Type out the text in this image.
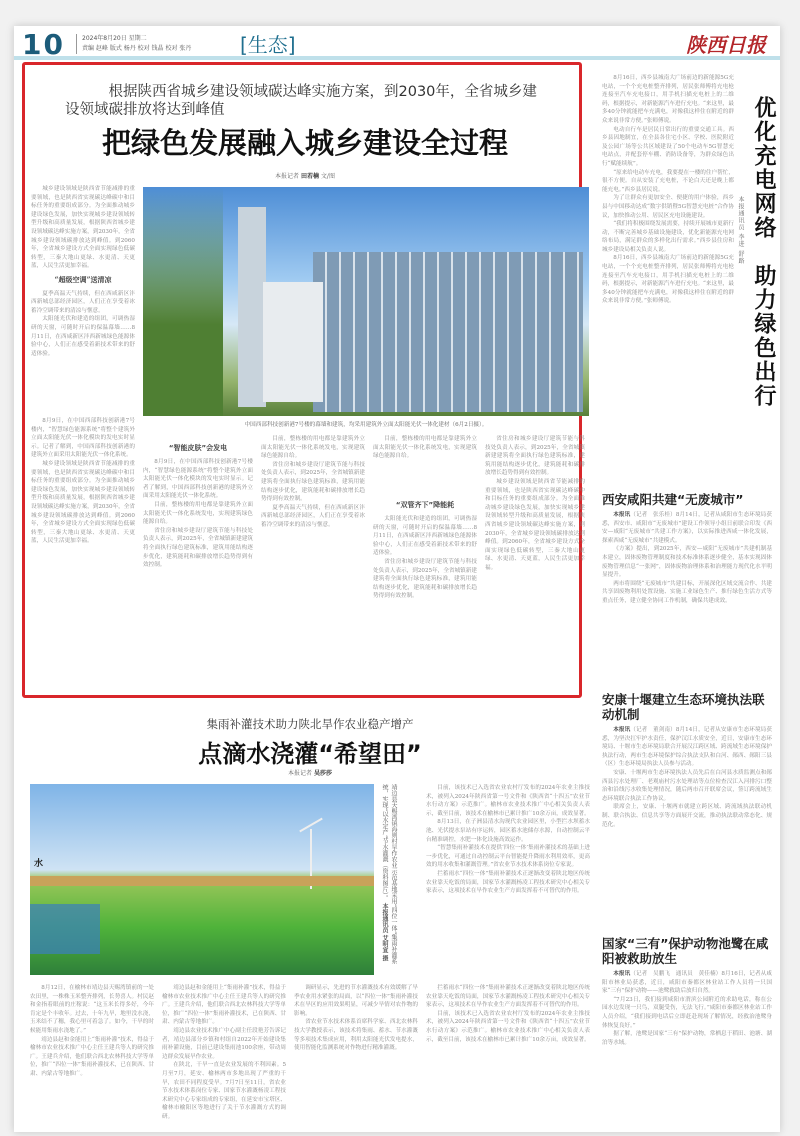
10	2024年8月20日 星期二
责编 赵峰 版式 杨丹 校对 钱晶 校对 张丹 [生态]	陕西日报
根据陕西省城乡建设领域碳达峰实施方案，到2030年，全省城乡建设领域碳排放将达到峰值
把绿色发展融入城乡建设全过程
本报记者 田若楠 文/图

城乡建设领域是陕西省节能减排的重要领域，也是陕西省实现碳达峰碳中和目标任务的重要组成部分。为全面推动城乡建设绿色发展，加快实现城乡建设领域转型升级和高质量发展，根据陕西省城乡建设领域碳达峰实施方案，到2030年，全省城乡建设领域碳排放达到峰值。到2060年，全省城乡建设方式全面实现绿色低碳转型，三秦大地山更绿、水更清、天更蓝，人民生活更加幸福。

“超级空调”送清凉

夏季高温天气持续，但在西咸新区沣西新城总部经济园区，人们正在享受着冰蓄冷空调带来的清凉与惬意。

太阳能光伏和建造的组团，可调热湿研的天窗，可随时开启的保温幕墙……8月11日，在西咸新区沣西新城绿色能源体验中心，人们正在感受着新技术带来的舒适体验。

中国西部科技创新港7号楼的幕墙和建筑，均采用建筑外立面太阳能光伏一体化建材（6月2日摄）。

8月9日，在中国西部科技创新港7号楼内，“智慧绿色能源系统”将整个建筑外立面太阳能光伏一体化模块的发电实时显示。记者了解到，中国西部科技创新港的建筑外立面采用太阳能光伏一体化系统。

城乡建设领域是陕西省节能减排的重要领域，也是陕西省实现碳达峰碳中和目标任务的重要组成部分。为全面推动城乡建设绿色发展，加快实现城乡建设领域转型升级和高质量发展，根据陕西省城乡建设领域碳达峰实施方案，到2030年，全省城乡建设领域碳排放达到峰值。到2060年，全省城乡建设方式全面实现绿色低碳转型，三秦大地山更绿、水更清、天更蓝，人民生活更加幸福。

“智能皮肤”会发电

8月9日，在中国西部科技创新港7号楼内，“智慧绿色能源系统”将整个建筑外立面太阳能光伏一体化模块的发电实时显示。记者了解到，中国西部科技创新港的建筑外立面采用太阳能光伏一体化系统。

目前，整栋楼的用电都是靠建筑外立面太阳能光伏一体化系统发电，实现建筑绿色能源自给。

省住房和城乡建设厅建筑节能与科技处负责人表示，到2025年，全省城镇新建建筑将全面执行绿色建筑标准，建筑用能结构逐步优化，建筑能耗和碳排放增长趋势得到有效控制。

目前，整栋楼的用电都是靠建筑外立面太阳能光伏一体化系统发电，实现建筑绿色能源自给。

省住房和城乡建设厅建筑节能与科技处负责人表示，到2025年，全省城镇新建建筑将全面执行绿色建筑标准，建筑用能结构逐步优化，建筑能耗和碳排放增长趋势得到有效控制。

夏季高温天气持续，但在西咸新区沣西新城总部经济园区，人们正在享受着冰蓄冷空调带来的清凉与惬意。

目前，整栋楼的用电都是靠建筑外立面太阳能光伏一体化系统发电，实现建筑绿色能源自给。

“双管齐下”降能耗

太阳能光伏和建造的组团，可调热湿研的天窗，可随时开启的保温幕墙……8月11日，在西咸新区沣西新城绿色能源体验中心，人们正在感受着新技术带来的舒适体验。

省住房和城乡建设厅建筑节能与科技处负责人表示，到2025年，全省城镇新建建筑将全面执行绿色建筑标准，建筑用能结构逐步优化，建筑能耗和碳排放增长趋势得到有效控制。

省住房和城乡建设厅建筑节能与科技处负责人表示，到2025年，全省城镇新建建筑将全面执行绿色建筑标准，建筑用能结构逐步优化，建筑能耗和碳排放增长趋势得到有效控制。

城乡建设领域是陕西省节能减排的重要领域，也是陕西省实现碳达峰碳中和目标任务的重要组成部分。为全面推动城乡建设绿色发展，加快实现城乡建设领域转型升级和高质量发展，根据陕西省城乡建设领域碳达峰实施方案，到2030年，全省城乡建设领域碳排放达到峰值。到2060年，全省城乡建设方式全面实现绿色低碳转型，三秦大地山更绿、水更清、天更蓝，人民生活更加幸福。

8月16日，西乡县城南大广场前边的新能源5G充电站，一个个充电桩整齐排列，居民张师傅将充电枪连接至汽车充电接口，用手机扫描充电桩上的二维码，根据提示，对新能源汽车进行充电。“来这里，最多40分钟就能把车充满电，对像我这样住在附近的群众来说非常方便。”张师傅说。

电动自行车是居民日常出行的重要交通工具。西乡县因地制宜，在全县各住宅小区、学校、医院附近及公园广场等公共区域建设了50个电动车5G智慧充电站点，并配套停车棚、消防设备等，为群众绿色出行“赋能续航”。

“原来给电动车充电，我要提在一楼的住户帮忙，很不方便。自从安装了充电桩，不论白天还是晚上都能充电。”西乡县居民说。

为了让群众有更加安全、便捷的用户体验，西乡县与中国移动达成“数字供销暨5G智慧充电桩”合作协议，加快推动公用、居民区充电设施建设。

“我们将积极围绕发展需要，持续开展城市更新行动，不断完善城乡基础设施建设，优化新能源充电网络布局，满足群众的多样化出行需求。”西乡县住房和城乡建设局相关负责人说。

8月16日，西乡县城南大广场前边的新能源5G充电站，一个个充电桩整齐排列，居民张师傅将充电枪连接至汽车充电接口，用手机扫描充电桩上的二维码，根据提示，对新能源汽车进行充电。“来这里，最多40分钟就能把车充满电，对像我这样住在附近的群众来说非常方便。”张师傅说。	优化充电网络　助力绿色出行
本报通讯员 李进 舒路
西安咸阳共建“无废城市”

本报讯（记者　张乐桂）8月14日，记者从咸阳市生态环境局获悉，西安市、咸阳市“无废城市”建设工作领导小组日前联合印发《西安—咸阳“无废城市”共建工作方案》，以实际推进西咸一体化发展，探索西咸“无废城市”共建模式。

《方案》提出，到2025年，西安—咸阳“无废城市”共建机制基本建立，固体废物管理制度和技术标准体系逐步健全，基本实现固体废物管理信息“一张网”，固体废物治理体系和治理能力现代化水平明显提升。

两市将围绕“无废城市”共建目标，开展深化区域交流合作、共建共享固废物利用处置设施、实施工业绿色生产、推行绿色生活方式等重点任务，建立健全协同工作机制，确保共建成效。

安康十堰建立生态环境执法联动机制

本报讯（记者　董剑南）8月14日，记者从安康市生态环境局获悉，为坚决扛牢护水责任，保护汉江水质安全，近日，安康市生态环境局、十堰市生态环境局联合开展汉江跨区域、跨流域生态环境保护执法行动，两市生态环境保护综合执法支队和白河、郧西、郧阳三县（区）生态环境局执法人员参与活动。

安康、十堰两市生态环境执法人员先后在白河县水质监测点和郧西县污水处理厂、老观庙村污水处理站等点位检查汉江入河排污口整治和沿线污水收集处理情况，随后两市召开联席会议，签订跨流域生态环境联合执法工作协议。

联席会上，安康、十堰两市就建立跨区域、跨流域执法联动机制、联合执法、信息共享等方面展开交流，推动执法联动常态化、规范化。

国家“三有”保护动物池鹭在咸阳被救助放生

本报讯（记者　吴鹏飞　通讯员　黄佳楠）8月16日，记者从咸阳市林业局获悉，近日，咸阳市秦都区林业站工作人员将一只国家“三有”保护动物——池鹭救助后放归自然。

“7月23日，我们接到咸阳市渭滨公园附近的求助电话，称在公园水边发现一只鸟，双腿受伤，无法飞行。”咸阳市秦都区林业站工作人员介绍，“我们接到电话后立即赶赴现场了解情况，经救治池鹭身体恢复良好。”

据了解，池鹭是国家“三有”保护动物，常栖息于稻田、池塘、湖泊等水域。

集雨补灌技术助力陕北旱作农业稳产增产
点滴水浇灌“希望田”
本报记者 吴莎莎
水	靖边县天赐湾镇海则村旱作农业示范基地采用“四位一体”集雨补灌系统，实现“以水定产”节水灌溉（资料图片）。 本报通讯员 艾明宣 摄

目前，该技术已入选省农业农村厅发布的2024年农业主推技术，被列入2024年陕西省第一号文件和《陕西省“十四五”农业节水行动方案》示范推广。榆林市农业技术推广中心相关负责人表示，截至目前，该技术在榆林市已累计推广10余万亩，成效显著。

8月13日，在子洲县清水沟现代农业园区里，小型拦水坝蓄水池、光伏提水泵站有序运转，园区蓄水池储存水源，自动控制云平台精准调控，水肥一体化设施高效运作。

“智慧集雨补灌技术在提供‘四位一体’集雨补灌技术的基础上进一步优化，可通过自动控制云平台智能提升降雨水利用效率，更高效的用水收集和灌溉管理。”省农业节水技术体系岗位专家说。

拦蓄雨水“四位一体”集雨补灌技术正逐渐改变着陕北地区传统农业靠天吃饭的局面，国家节水灌溉杨凌工程技术研究中心相关专家表示，这项技术在旱作农业生产方面发挥着不可替代的作用。

8月12日，在榆林市靖边县天赐湾镇前的一处农田里，一株株玉米整齐排列，长势喜人。村民赵和金指着眼前的庄稼说：“这玉米长得多好，今年肯定是个丰收年。过去，十年九旱，地里没水浇，玉米结不了穗，我心里可着急了。如今，干旱的时候能用集雨水浇地了。”

靖边县赵和金能用上“集雨补灌”技术，得益于榆林市农业技术推广中心主任王建兵等人的研究推广。王建兵介绍，他们联合西北农林科技大学等单位，推广“四位一体”集雨补灌技术，已在陕西、甘肃、内蒙古等地推广。

靖边县赵和金能用上“集雨补灌”技术，得益于榆林市农业技术推广中心主任王建兵等人的研究推广。王建兵介绍，他们联合西北农林科技大学等单位，推广“四位一体”集雨补灌技术，已在陕西、甘肃、内蒙古等地推广。

靖边县农业技术推广中心副主任段艳芳告诉记者，靖边县部分乡镇和村组自2022年开始建设集雨补灌设施，目前已建设集雨池100余座，带动周边群众发展旱作农业。

在陕北，干旱一直是农业发展的不利因素。5月至7月，延安、榆林两市多地出现了严重的干旱，农田不同程度受旱。7月7日至11日，省农业节水技术体系岗位专家、国家节水灌溉杨凌工程技术研究中心专家组成的专家组，在延安市宝塔区、榆林市榆阳区等地进行了关于节水灌溉方式的调研。

调研显示，先进的节水灌溉技术有效缓解了旱季农业用水紧张的局面，以“四位一体”集雨补灌技术在旱区的应用效果明显，可减少旱情对农作物的影响。

省农业节水技术体系首席科学家、西北农林科技大学教授表示，该技术将集雨、蓄水、节水灌溉等多项技术集成应用，利用太阳能光伏发电提水，使用智能化监测系统对作物进行精准灌溉。

拦蓄雨水“四位一体”集雨补灌技术正逐渐改变着陕北地区传统农业靠天吃饭的局面，国家节水灌溉杨凌工程技术研究中心相关专家表示，这项技术在旱作农业生产方面发挥着不可替代的作用。

目前，该技术已入选省农业农村厅发布的2024年农业主推技术，被列入2024年陕西省第一号文件和《陕西省“十四五”农业节水行动方案》示范推广。榆林市农业技术推广中心相关负责人表示，截至目前，该技术在榆林市已累计推广10余万亩，成效显著。
